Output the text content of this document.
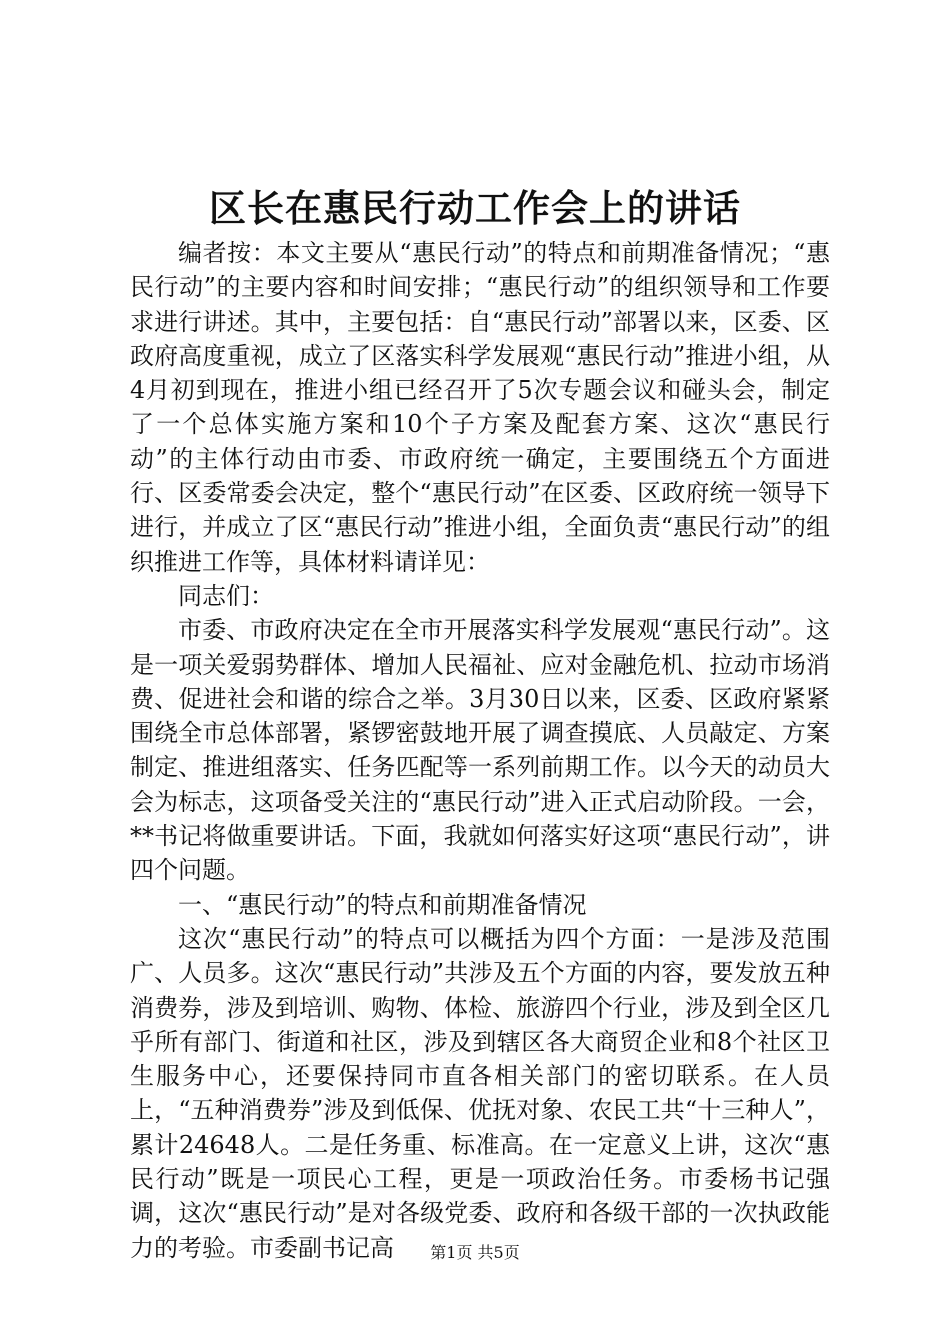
区长在惠民行动工作会上的讲话

编者按：本文主要从“惠民行动”的特点和前期准备情况；“惠民行动”的主要内容和时间安排；“惠民行动”的组织领导和工作要求进行讲述。其中，主要包括：自“惠民行动”部署以来，区委、区政府高度重视，成立了区落实科学发展观“惠民行动”推进小组，从4月初到现在，推进小组已经召开了5次专题会议和碰头会，制定了一个总体实施方案和10个子方案及配套方案、这次“惠民行动”的主体行动由市委、市政府统一确定，主要围绕五个方面进行、区委常委会决定，整个“惠民行动”在区委、区政府统一领导下进行，并成立了区“惠民行动”推进小组，全面负责“惠民行动”的组织推进工作等，具体材料请详见：

同志们：

市委、市政府决定在全市开展落实科学发展观“惠民行动”。这是一项关爱弱势群体、增加人民福祉、应对金融危机、拉动市场消费、促进社会和谐的综合之举。3月30日以来，区委、区政府紧紧围绕全市总体部署，紧锣密鼓地开展了调查摸底、人员敲定、方案制定、推进组落实、任务匹配等一系列前期工作。以今天的动员大会为标志，这项备受关注的“惠民行动”进入正式启动阶段。一会，**书记将做重要讲话。下面，我就如何落实好这项“惠民行动”，讲四个问题。

一、“惠民行动”的特点和前期准备情况

这次“惠民行动”的特点可以概括为四个方面：一是涉及范围广、人员多。这次“惠民行动”共涉及五个方面的内容，要发放五种消费券，涉及到培训、购物、体检、旅游四个行业，涉及到全区几乎所有部门、街道和社区，涉及到辖区各大商贸企业和8个社区卫生服务中心，还要保持同市直各相关部门的密切联系。在人员上，“五种消费券”涉及到低保、优抚对象、农民工共“十三种人”，累计24648人。二是任务重、标准高。在一定意义上讲，这次“惠民行动”既是一项民心工程，更是一项政治任务。市委杨书记强调，这次“惠民行动”是对各级党委、政府和各级干部的一次执政能力的考验。市委副书记高	第1页 共5页
